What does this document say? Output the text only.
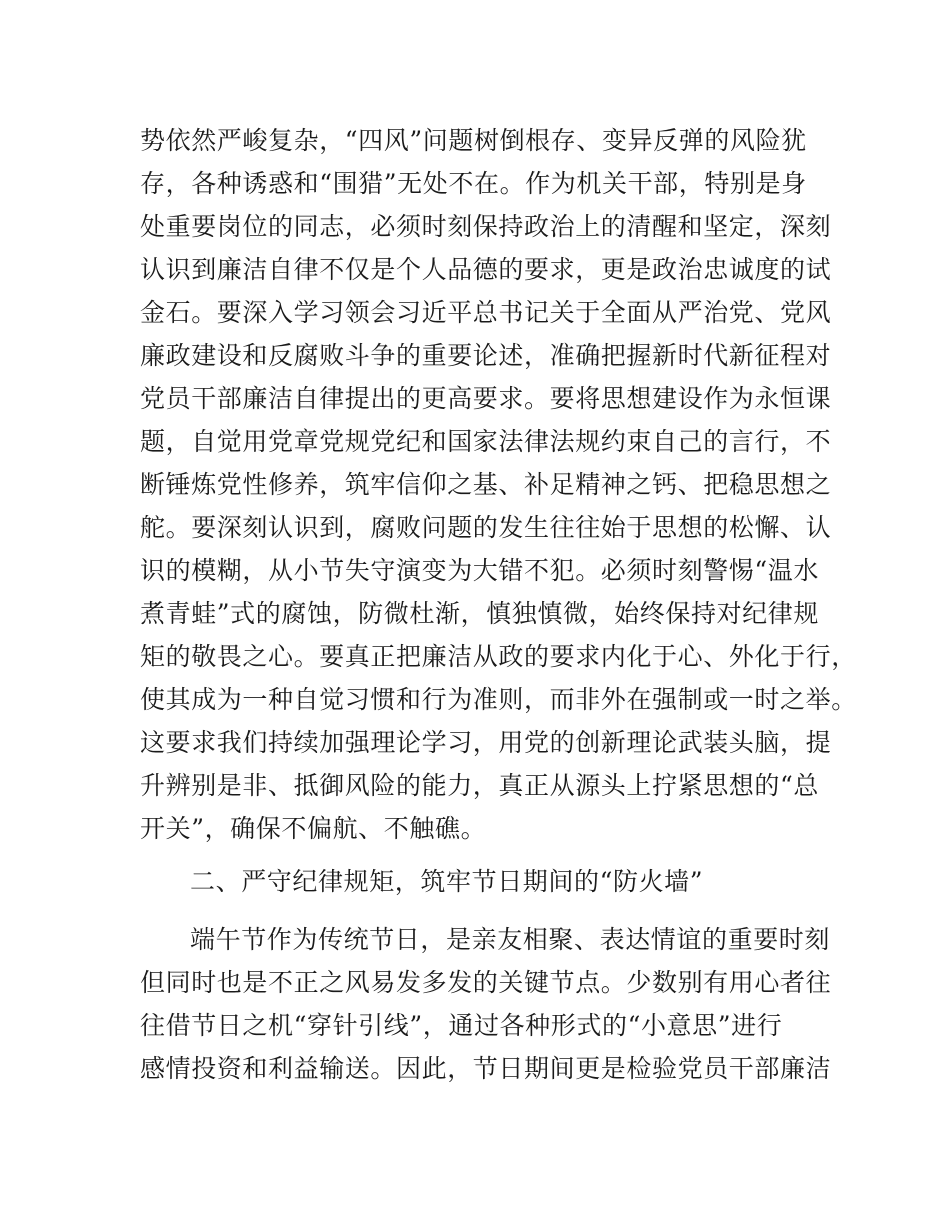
势依然严峻复杂，“四风”问题树倒根存、变异反弹的风险犹
存，各种诱惑和“围猎”无处不在。作为机关干部，特别是身
处重要岗位的同志，必须时刻保持政治上的清醒和坚定，深刻
认识到廉洁自律不仅是个人品德的要求，更是政治忠诚度的试
金石。要深入学习领会习近平总书记关于全面从严治党、党风
廉政建设和反腐败斗争的重要论述，准确把握新时代新征程对
党员干部廉洁自律提出的更高要求。要将思想建设作为永恒课
题，自觉用党章党规党纪和国家法律法规约束自己的言行，不
断锤炼党性修养，筑牢信仰之基、补足精神之钙、把稳思想之
舵。要深刻认识到，腐败问题的发生往往始于思想的松懈、认
识的模糊，从小节失守演变为大错不犯。必须时刻警惕“温水
煮青蛙”式的腐蚀，防微杜渐，慎独慎微，始终保持对纪律规
矩的敬畏之心。要真正把廉洁从政的要求内化于心、外化于行，
使其成为一种自觉习惯和行为准则，而非外在强制或一时之举。
这要求我们持续加强理论学习，用党的创新理论武装头脑，提
升辨别是非、抵御风险的能力，真正从源头上拧紧思想的“总
开关”，确保不偏航、不触礁。
二、严守纪律规矩，筑牢节日期间的“防火墙”
端午节作为传统节日，是亲友相聚、表达情谊的重要时刻
但同时也是不正之风易发多发的关键节点。少数别有用心者往
往借节日之机“穿针引线”，通过各种形式的“小意思”进行
感情投资和利益输送。因此，节日期间更是检验党员干部廉洁
